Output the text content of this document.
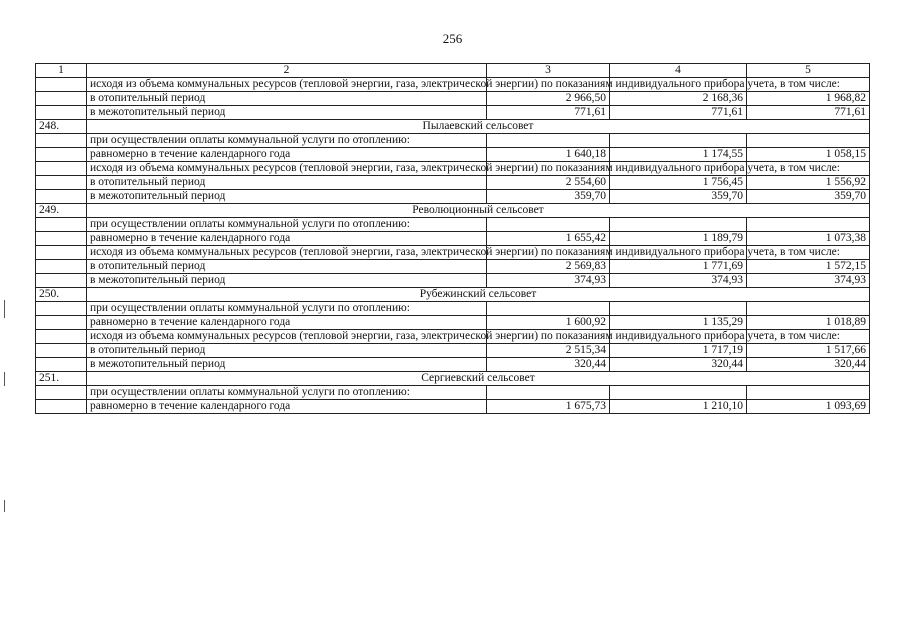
256
1	2	3	4	5
	исходя из объема коммунальных ресурсов (тепловой энергии, газа, электрической энергии) по показаниям индивидуального прибора учета, в том числе:			
	в отопительный период	2 966,50	2 168,36	1 968,82
	в межотопительный период	771,61	771,61	771,61
248.	Пылаевский сельсовет			
	при осуществлении оплаты коммунальной услуги по отоплению:			
	равномерно в течение календарного года	1 640,18	1 174,55	1 058,15
	исходя из объема коммунальных ресурсов (тепловой энергии, газа, электрической энергии) по показаниям индивидуального прибора учета, в том числе:			
	в отопительный период	2 554,60	1 756,45	1 556,92
	в межотопительный период	359,70	359,70	359,70
249.	Революционный сельсовет			
	при осуществлении оплаты коммунальной услуги по отоплению:			
	равномерно в течение календарного года	1 655,42	1 189,79	1 073,38
	исходя из объема коммунальных ресурсов (тепловой энергии, газа, электрической энергии) по показаниям индивидуального прибора учета, в том числе:			
	в отопительный период	2 569,83	1 771,69	1 572,15
	в межотопительный период	374,93	374,93	374,93
250.	Рубежинский сельсовет			
	при осуществлении оплаты коммунальной услуги по отоплению:			
	равномерно в течение календарного года	1 600,92	1 135,29	1 018,89
	исходя из объема коммунальных ресурсов (тепловой энергии, газа, электрической энергии) по показаниям индивидуального прибора учета, в том числе:			
	в отопительный период	2 515,34	1 717,19	1 517,66
	в межотопительный период	320,44	320,44	320,44
251.	Сергиевский сельсовет			
	при осуществлении оплаты коммунальной услуги по отоплению:			
	равномерно в течение календарного года	1 675,73	1 210,10	1 093,69
